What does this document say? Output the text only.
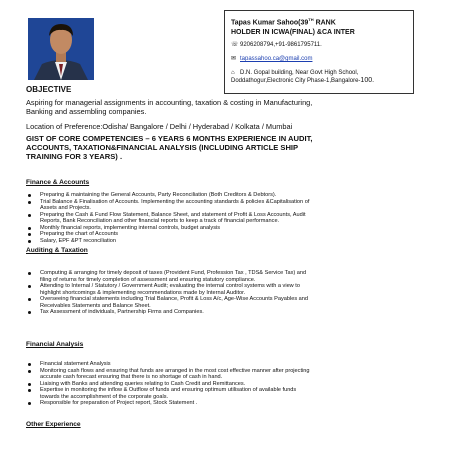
Tapas Kumar Sahoo(39TH RANK
HOLDER IN ICWA(FINAL) &CA INTER
☏ 9206208794,+91-9861795711.
✉ tapassahoo.ca@gmail.com
⌂ D.N. Gopal building, Near Govt High School,
Doddathogur,Electronic City Phase-1,Bangalore-100.
OBJECTIVE
Aspiring for managerial assignments in accounting, taxation & costing in Manufacturing,
Banking and assembling companies.
Location of Preference:Odisha/ Bangalore / Delhi / Hyderabad / Kolkata / Mumbai
GIST OF CORE COMPETENCIES – 6 YEARS 6 MONTHS EXPERIENCE IN AUDIT,
ACCOUNTS, TAXATION&FINANCIAL ANALYSIS (INCLUDING ARTICLE SHIP
TRAINING FOR 3 YEARS) .
Finance & Accounts
Preparing & maintaining the General Accounts, Party Reconciliation (Both Creditors & Debtors).
Trial Balance & Finalisation of Accounts. Implementing the accounting standards & policies &Capitalisation of
Assets and Projects.
Preparing the Cash & Fund Flow Statement, Balance Sheet, and statement of Profit & Loss Accounts, Audit
Reports, Bank Reconciliation and other financial reports to keep a track of financial performance.
Monthly financial reports, implementing internal controls, budget analysis
Preparing the chart of Accounts
Salary, EPF &PT reconciliation
Auditing & Taxation
Computing & arranging for timely deposit of taxes (Provident Fund, Profession Tax , TDS& Service Tax) and
filing of returns for timely completion of assessment and ensuring statutory compliance.
Attending to Internal / Statutory / Government Audit; evaluating the internal control systems with a view to
highlight shortcomings & implementing recommendations made by Internal Auditor.
Overseeing financial statements including Trial Balance, Profit & Loss A/c, Age-Wise Accounts Payables and
Receivables Statements and Balance Sheet.
Tax Assessment of individuals, Partnership Firms and Companies.
Financial Analysis
Financial statement Analysis
Monitoring cash flows and ensuring that funds are arranged in the most cost effective manner after projecting
accurate cash forecast ensuring that there is no shortage of cash in hand.
Liaising with Banks and attending queries relating to Cash Credit and Remittances.
Expertise in monitoring the inflow & Outflow of funds and ensuring optimum utilisation of available funds
towards the accomplishment of the corporate goals.
Responsible for preparation of Project report, Stock Statement .
Other Experience
